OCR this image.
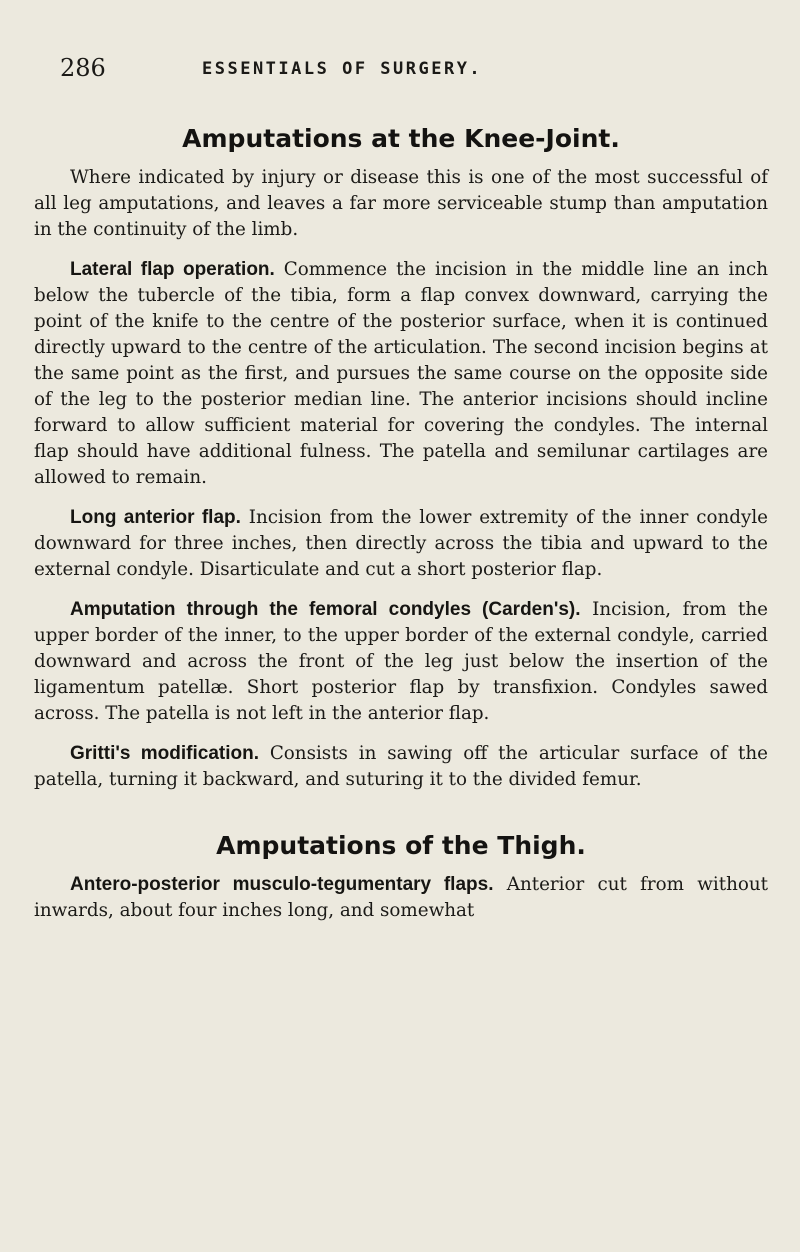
286	ESSENTIALS OF SURGERY.
Amputations at the Knee-Joint.

Where indicated by injury or disease this is one of the most successful of all leg amputations, and leaves a far more serviceable stump than amputation in the continuity of the limb.

Lateral flap operation. Commence the incision in the middle line an inch below the tubercle of the tibia, form a flap convex downward, carrying the point of the knife to the centre of the posterior surface, when it is continued directly upward to the centre of the articulation. The second incision begins at the same point as the first, and pursues the same course on the opposite side of the leg to the posterior median line. The anterior incisions should incline forward to allow sufficient material for covering the condyles. The internal flap should have additional fulness. The patella and semilunar cartilages are allowed to remain.

Long anterior flap. Incision from the lower extremity of the inner condyle downward for three inches, then directly across the tibia and upward to the external condyle. Disarticulate and cut a short posterior flap.

Amputation through the femoral condyles (Carden's). Incision, from the upper border of the inner, to the upper border of the external condyle, carried downward and across the front of the leg just below the insertion of the ligamentum patellæ. Short posterior flap by transfixion. Condyles sawed across. The patella is not left in the anterior flap.

Gritti's modification. Consists in sawing off the articular surface of the patella, turning it backward, and suturing it to the divided femur.

Amputations of the Thigh.

Antero-posterior musculo-tegumentary flaps. Anterior cut from without inwards, about four inches long, and somewhat
